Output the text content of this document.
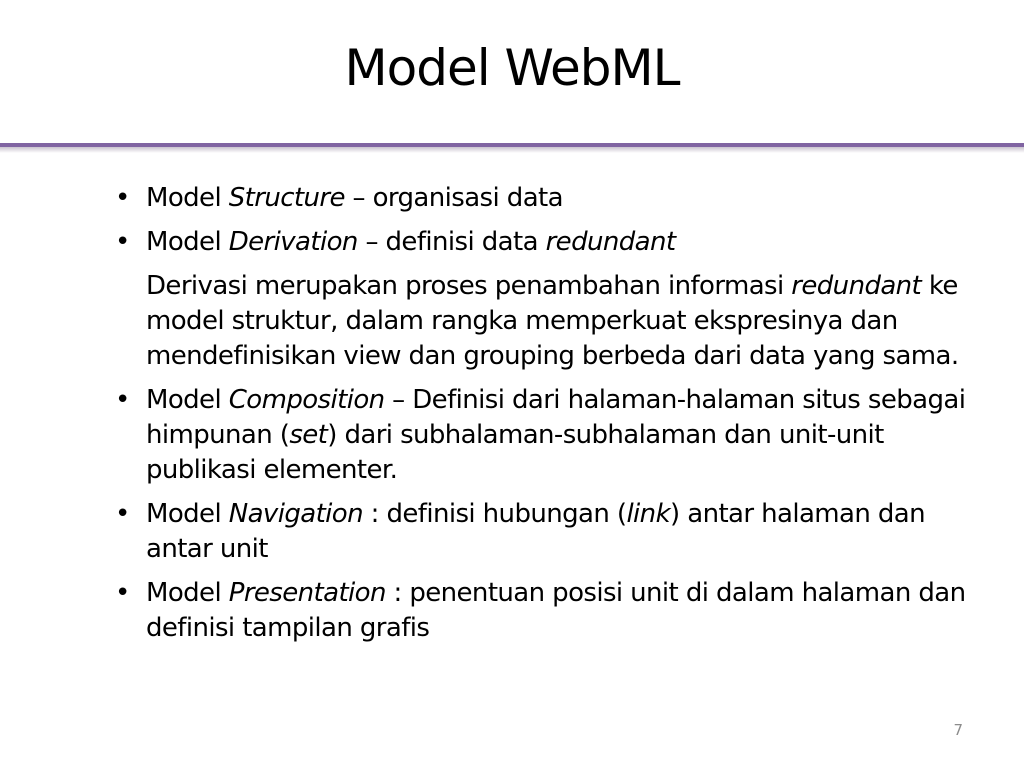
Model WebML
• Model Structure – organisasi data
• Model Derivation – definisi data redundant
Derivasi merupakan proses penambahan informasi redundant ke model struktur, dalam rangka memperkuat ekspresinya dan mendefinisikan view dan grouping berbeda dari data yang sama.
• Model Composition – Definisi dari halaman-halaman situs sebagai himpunan (set) dari subhalaman-subhalaman dan unit-unit publikasi elementer.
• Model Navigation : definisi hubungan (link) antar halaman dan antar unit
• Model Presentation : penentuan posisi unit di dalam halaman dan definisi tampilan grafis
7
